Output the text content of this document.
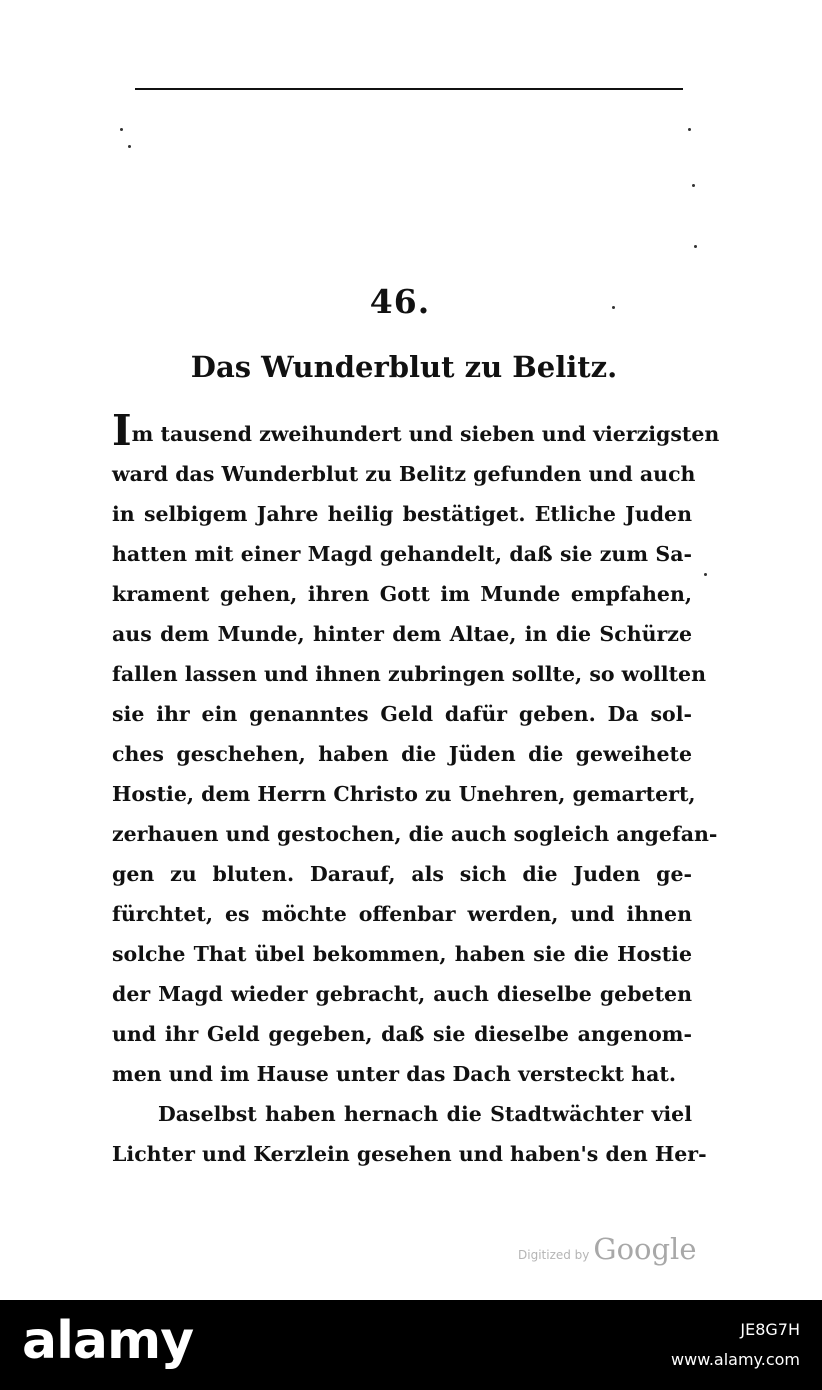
46.
Das Wunderblut zu Belitz.
Im tausend zweihundert und sieben und vierzigsten
ward das Wunderblut zu Belitz gefunden und auch
in selbigem Jahre heilig bestätiget. Etliche Juden
hatten mit einer Magd gehandelt, daß sie zum Sa-
krament gehen, ihren Gott im Munde empfahen,
aus dem Munde, hinter dem Altae, in die Schürze
fallen lassen und ihnen zubringen sollte, so wollten
sie ihr ein genanntes Geld dafür geben. Da sol-
ches geschehen, haben die Jüden die geweihete
Hostie, dem Herrn Christo zu Unehren, gemartert,
zerhauen und gestochen, die auch sogleich angefan-
gen zu bluten. Darauf, als sich die Juden ge-
fürchtet, es möchte offenbar werden, und ihnen
solche That übel bekommen, haben sie die Hostie
der Magd wieder gebracht, auch dieselbe gebeten
und ihr Geld gegeben, daß sie dieselbe angenom-
men und im Hause unter das Dach versteckt hat.
Daselbst haben hernach die Stadtwächter viel
Lichter und Kerzlein gesehen und haben's den Her-
Digitized by Google
alamy	JE8G7H
www.alamy.com
